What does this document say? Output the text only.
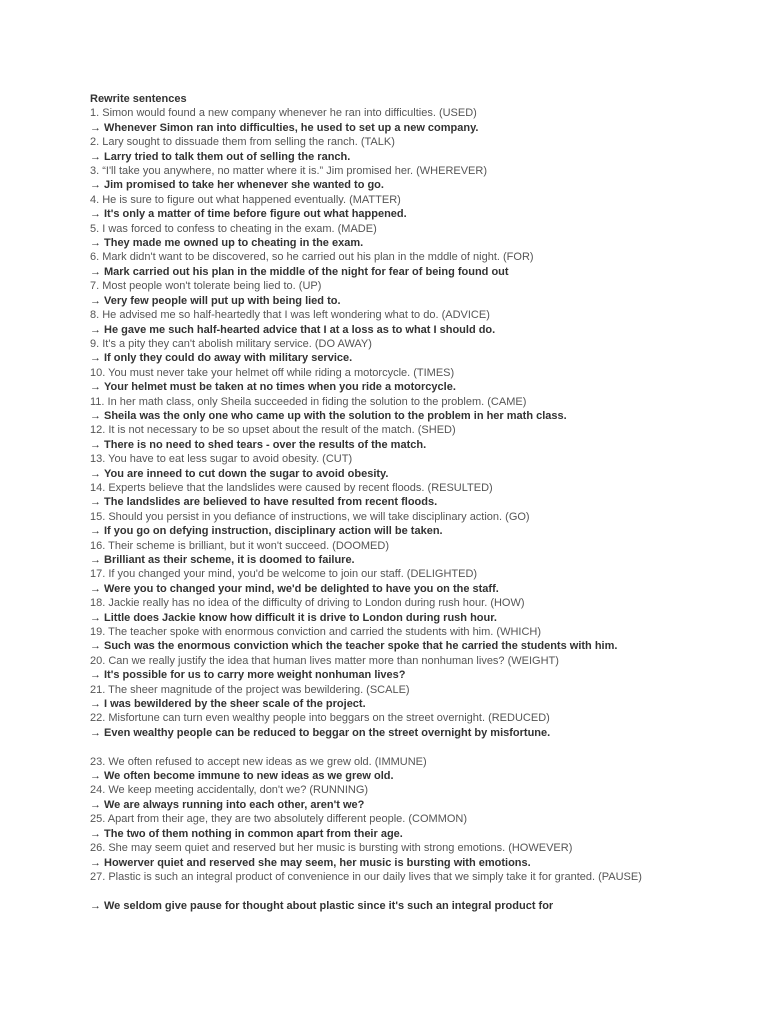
Rewrite sentences
1. Simon would found a new company whenever he ran into difficulties. (USED)
→ Whenever Simon ran into difficulties, he used to set up a new company.
2. Lary sought to dissuade them from selling the ranch. (TALK)
→ Larry tried to talk them out of selling the ranch.
3. “I'll take you anywhere, no matter where it is.” Jim promised her. (WHEREVER)
→ Jim promised to take her whenever she wanted to go.
4. He is sure to figure out what happened eventually. (MATTER)
→ It's only a matter of time before figure out what happened.
5. I was forced to confess to cheating in the exam. (MADE)
→ They made me owned up to cheating in the exam.
6. Mark didn't want to be discovered, so he carried out his plan in the mddle of night. (FOR)
→ Mark carried out his plan in the middle of the night for fear of being found out
7. Most people won't tolerate being lied to. (UP)
→ Very few people will put up with being lied to.
8. He advised me so half-heartedly that I was left wondering what to do. (ADVICE)
→ He gave me such half-hearted advice that I at a loss as to what I should do.
9. It's a pity they can't abolish military service. (DO AWAY)
→ If only they could do away with military service.
10. You must never take your helmet off while riding a motorcycle. (TIMES)
→ Your helmet must be taken at no times when you ride a motorcycle.
11. In her math class, only Sheila succeeded in fiding the solution to the problem. (CAME)
→ Sheila was the only one who came up with the solution to the problem in her math class.
12. It is not necessary to be so upset about the result of the match. (SHED)
→ There is no need to shed tears - over the results of the match.
13. You have to eat less sugar to avoid obesity. (CUT)
→ You are inneed to cut down the sugar to avoid obesity.
14. Experts believe that the landslides were caused by recent floods. (RESULTED)
→ The landslides are believed to have resulted from recent floods.
15. Should you persist in you defiance of instructions, we will take disciplinary action. (GO)
→ If you go on defying instruction, disciplinary action will be taken.
16. Their scheme is brilliant, but it won't succeed. (DOOMED)
→ Brilliant as their scheme, it is doomed to failure.
17. If you changed your mind, you'd be welcome to join our staff. (DELIGHTED)
→ Were you to changed your mind, we'd be delighted to have you on the staff.
18. Jackie really has no idea of the difficulty of driving to London during rush hour. (HOW)
→ Little does Jackie know how difficult it is drive to London during rush hour.
19. The teacher spoke with enormous conviction and carried the students with him. (WHICH)
→ Such was the enormous conviction which the teacher spoke that he carried the students with him.
20. Can we really justify the idea that human lives matter more than nonhuman lives? (WEIGHT)
→ It's possible for us to carry more weight nonhuman lives?
21. The sheer magnitude of the project was bewildering. (SCALE)
→ I was bewildered by the sheer scale of the project.
22. Misfortune can turn even wealthy people into beggars on the street overnight. (REDUCED)
→ Even wealthy people can be reduced to beggar on the street overnight by misfortune.
23. We often refused to accept new ideas as we grew old. (IMMUNE)
→ We often become immune to new ideas as we grew old.
24. We keep meeting accidentally, don't we? (RUNNING)
→ We are always running into each other, aren't we?
25. Apart from their age, they are two absolutely different people. (COMMON)
→ The two of them nothing in common apart from their age.
26. She may seem quiet and reserved but her music is bursting with strong emotions. (HOWEVER)
→ Howerver quiet and reserved she may seem, her music is bursting with emotions.
27. Plastic is such an integral product of convenience in our daily lives that we simply take it for granted. (PAUSE)
→ We seldom give pause for thought about plastic since it's such an integral product for
